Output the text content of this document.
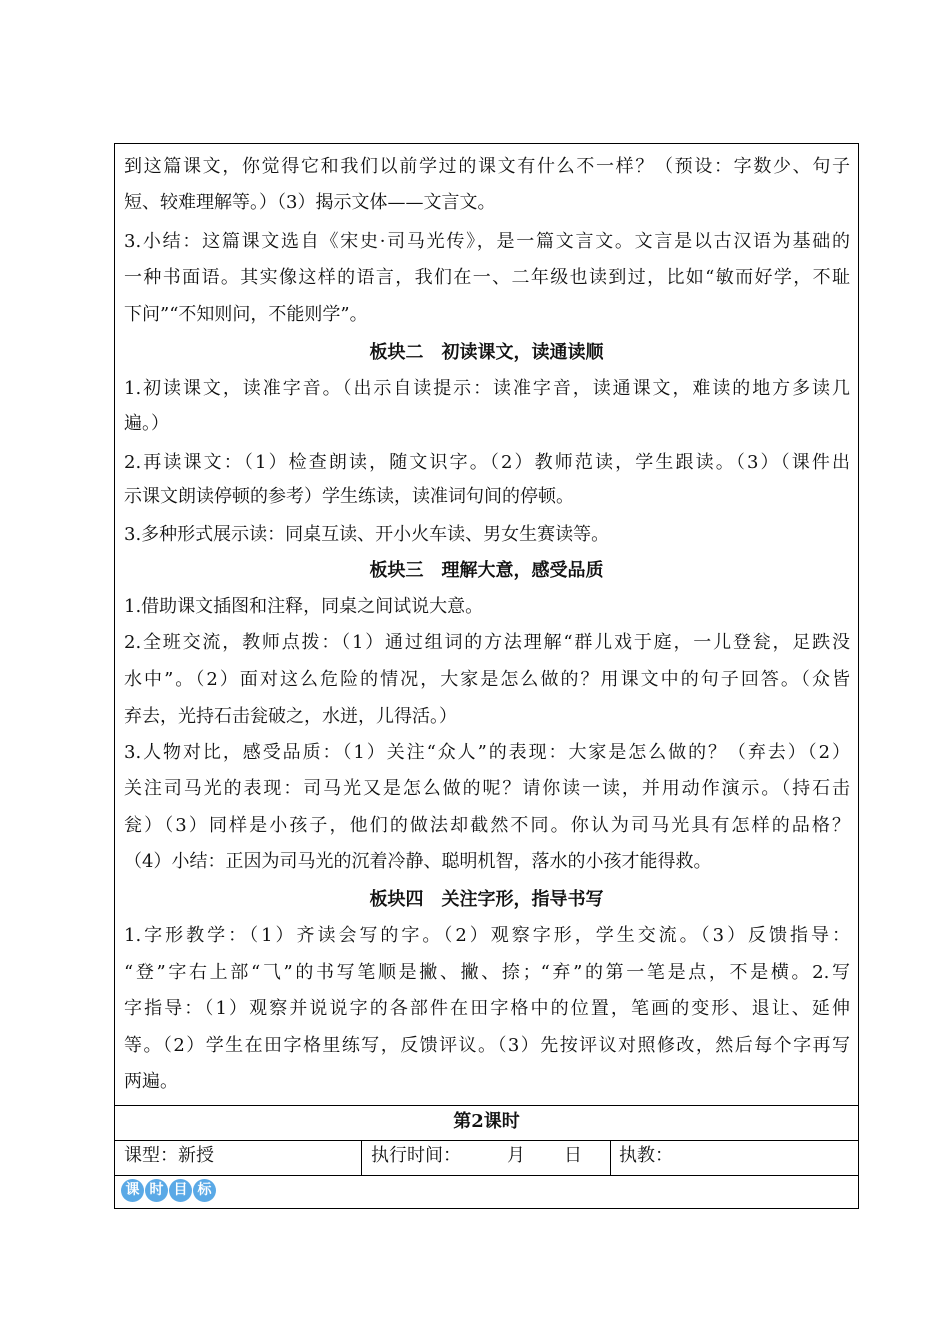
到这篇课文，你觉得它和我们以前学过的课文有什么不一样？（预设：字数少、句子
短、较难理解等。）（3）揭示文体——文言文。
3.小结：这篇课文选自《宋史·司马光传》，是一篇文言文。文言是以古汉语为基础的
一种书面语。其实像这样的语言，我们在一、二年级也读到过，比如“敏而好学，不耻
下问”“不知则问，不能则学”。
板块二　初读课文，读通读顺
1.初读课文，读准字音。（出示自读提示：读准字音，读通课文，难读的地方多读几
遍。）
2.再读课文：（1）检查朗读，随文识字。（2）教师范读，学生跟读。（3）（课件出
示课文朗读停顿的参考）学生练读，读准词句间的停顿。
3.多种形式展示读：同桌互读、开小火车读、男女生赛读等。
板块三　理解大意，感受品质
1.借助课文插图和注释，同桌之间试说大意。
2.全班交流，教师点拨：（1）通过组词的方法理解“群儿戏于庭，一儿登瓮，足跌没
水中”。（2）面对这么危险的情况，大家是怎么做的？用课文中的句子回答。（众皆
弃去，光持石击瓮破之，水迸，儿得活。）
3.人物对比，感受品质：（1）关注“众人”的表现：大家是怎么做的？（弃去）（2）
关注司马光的表现：司马光又是怎么做的呢？请你读一读，并用动作演示。（持石击
瓮）（3）同样是小孩子，他们的做法却截然不同。你认为司马光具有怎样的品格？
（4）小结：正因为司马光的沉着冷静、聪明机智，落水的小孩才能得救。
板块四　关注字形，指导书写
1.字形教学：（1）齐读会写的字。（2）观察字形，学生交流。（3）反馈指导：
“登”字右上部“⺄”的书写笔顺是撇、撇、捺；“弃”的第一笔是点，不是横。2.写
字指导：（1）观察并说说字的各部件在田字格中的位置，笔画的变形、退让、延伸
等。（2）学生在田字格里练写，反馈评议。（3）先按评议对照修改，然后每个字再写
两遍。
第2课时
课型：新授	执行时间：	月 日 执教：
课 时 目 标
